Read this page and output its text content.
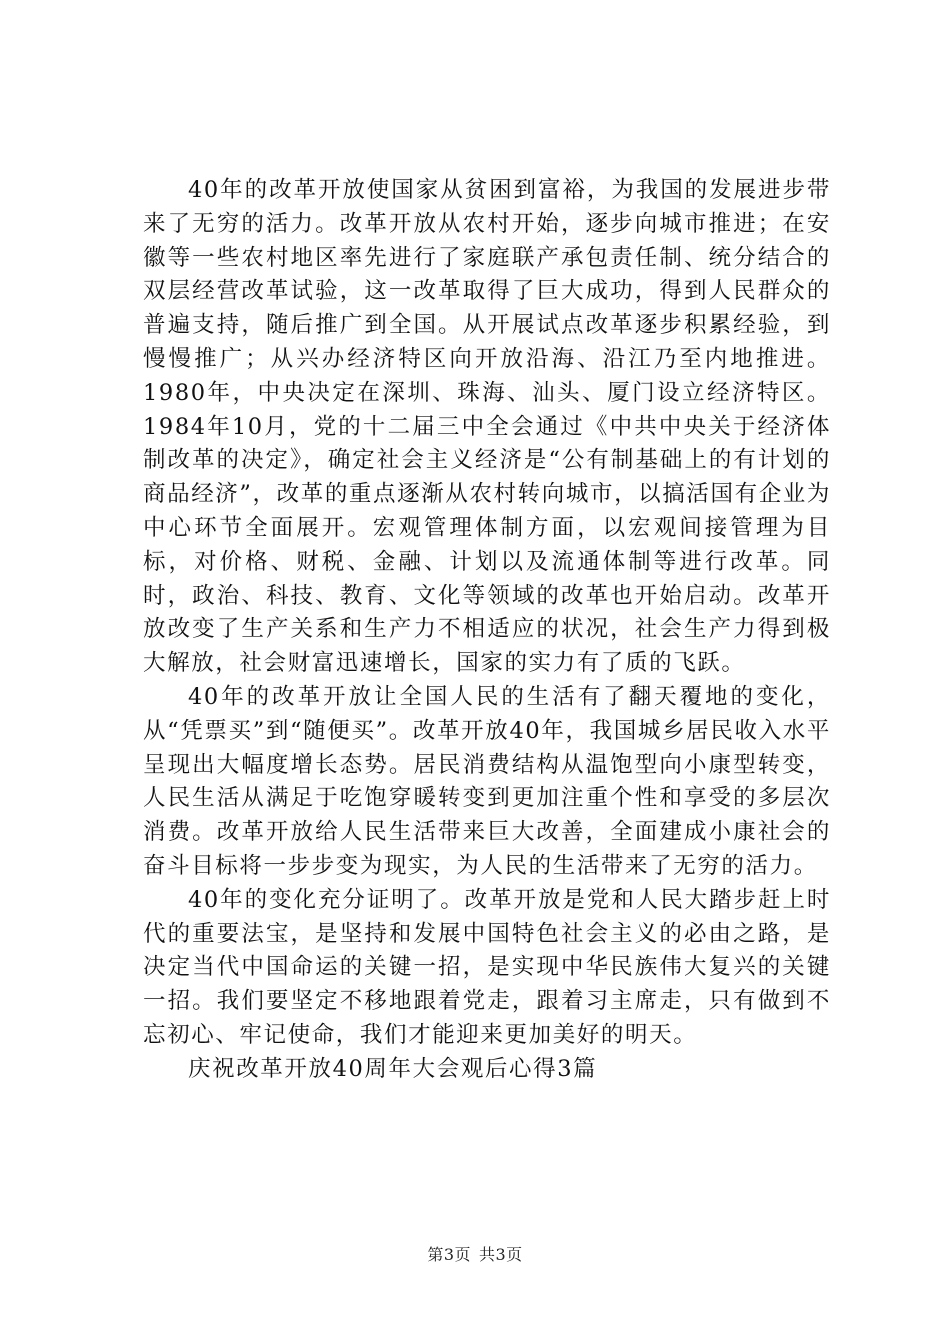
40年的改革开放使国家从贫困到富裕，为我国的发展进步带来了无穷的活力。改革开放从农村开始，逐步向城市推进；在安徽等一些农村地区率先进行了家庭联产承包责任制、统分结合的双层经营改革试验，这一改革取得了巨大成功，得到人民群众的普遍支持，随后推广到全国。从开展试点改革逐步积累经验，到慢慢推广；从兴办经济特区向开放沿海、沿江乃至内地推进。1980年，中央决定在深圳、珠海、汕头、厦门设立经济特区。1984年10月，党的十二届三中全会通过《中共中央关于经济体制改革的决定》，确定社会主义经济是“公有制基础上的有计划的商品经济”，改革的重点逐渐从农村转向城市，以搞活国有企业为中心环节全面展开。宏观管理体制方面，以宏观间接管理为目标，对价格、财税、金融、计划以及流通体制等进行改革。同时，政治、科技、教育、文化等领域的改革也开始启动。改革开放改变了生产关系和生产力不相适应的状况，社会生产力得到极大解放，社会财富迅速增长，国家的实力有了质的飞跃。

40年的改革开放让全国人民的生活有了翻天覆地的变化，从“凭票买”到“随便买”。改革开放40年，我国城乡居民收入水平呈现出大幅度增长态势。居民消费结构从温饱型向小康型转变，人民生活从满足于吃饱穿暖转变到更加注重个性和享受的多层次消费。改革开放给人民生活带来巨大改善，全面建成小康社会的奋斗目标将一步步变为现实，为人民的生活带来了无穷的活力。

40年的变化充分证明了。改革开放是党和人民大踏步赶上时代的重要法宝，是坚持和发展中国特色社会主义的必由之路，是决定当代中国命运的关键一招，是实现中华民族伟大复兴的关键一招。我们要坚定不移地跟着党走，跟着习主席走，只有做到不忘初心、牢记使命，我们才能迎来更加美好的明天。

庆祝改革开放40周年大会观后心得3篇

第3页 共3页
